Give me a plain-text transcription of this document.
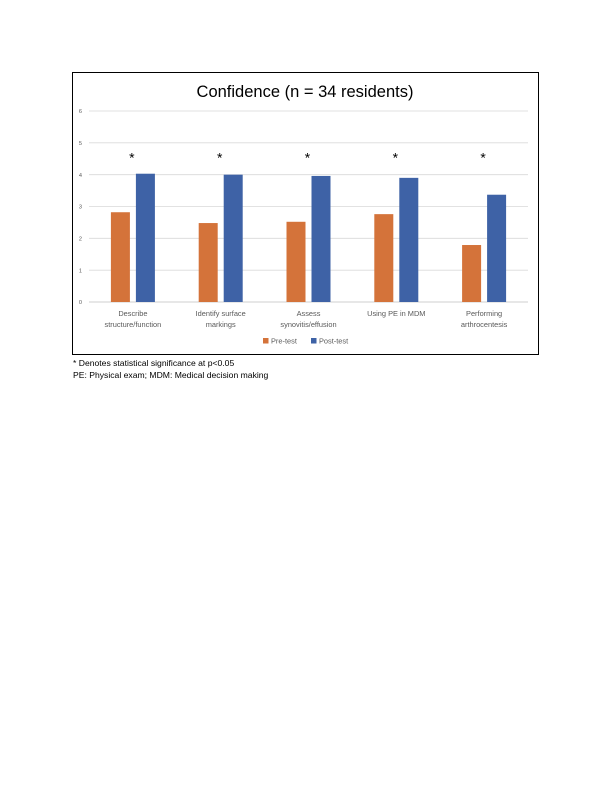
Confidence (n = 34 residents)
0
1
2
3
4
5
6
Describe
structure/function
*
Identify surface
markings
*
Assess
synovitis/effusion
*
Using PE in MDM
*
Performing
arthrocentesis
*
Pre-test	Post-test
* Denotes statistical significance at p<0.05
PE: Physical exam; MDM: Medical decision making
